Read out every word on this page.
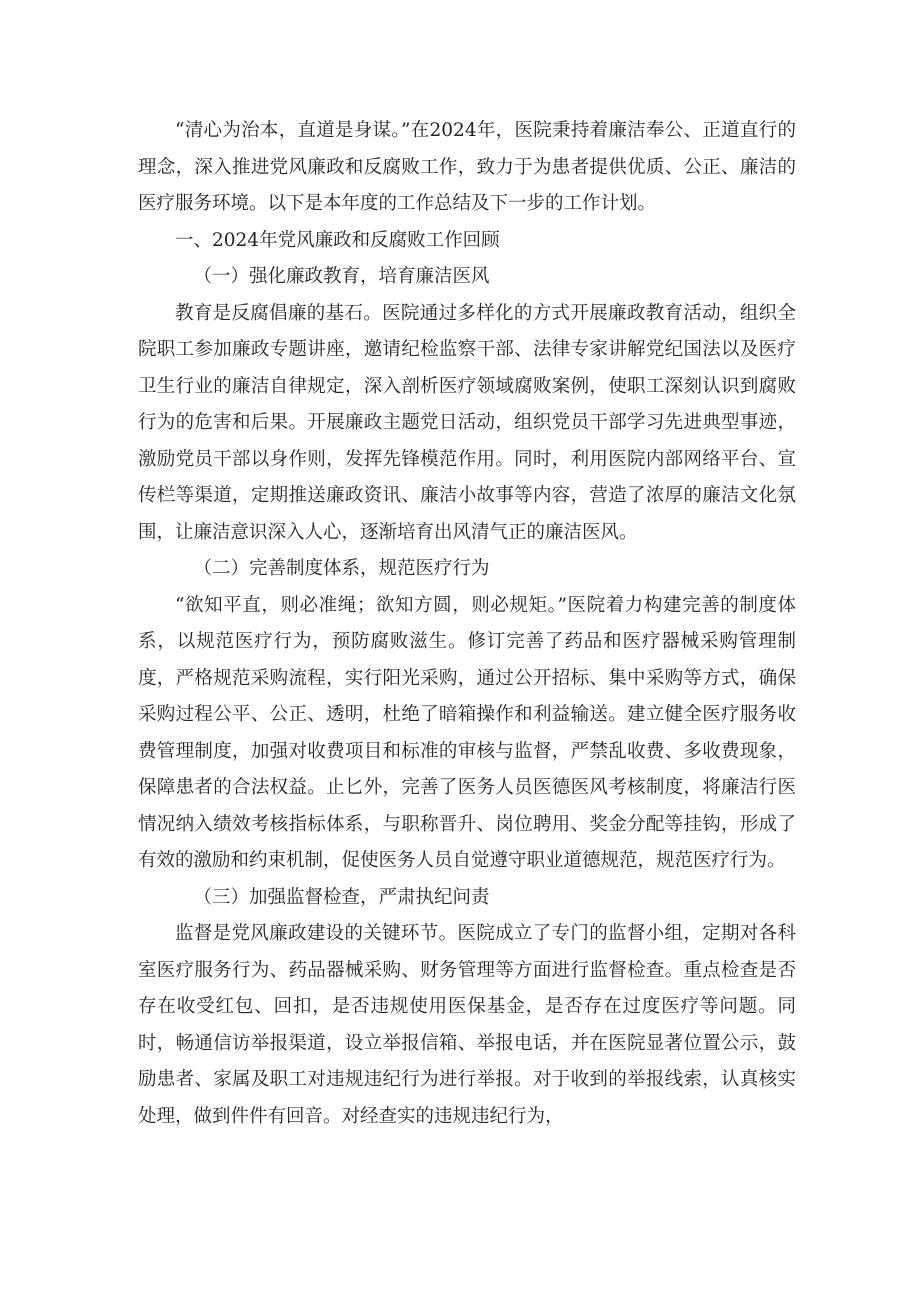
“清心为治本，直道是身谋。”在2024年，医院秉持着廉洁奉公、正道直行的理念，深入推进党风廉政和反腐败工作，致力于为患者提供优质、公正、廉洁的医疗服务环境。以下是本年度的工作总结及下一步的工作计划。

一、2024年党风廉政和反腐败工作回顾

（一）强化廉政教育，培育廉洁医风

教育是反腐倡廉的基石。医院通过多样化的方式开展廉政教育活动，组织全院职工参加廉政专题讲座，邀请纪检监察干部、法律专家讲解党纪国法以及医疗卫生行业的廉洁自律规定，深入剖析医疗领域腐败案例，使职工深刻认识到腐败行为的危害和后果。开展廉政主题党日活动，组织党员干部学习先进典型事迹，激励党员干部以身作则，发挥先锋模范作用。同时，利用医院内部网络平台、宣传栏等渠道，定期推送廉政资讯、廉洁小故事等内容，营造了浓厚的廉洁文化氛围，让廉洁意识深入人心，逐渐培育出风清气正的廉洁医风。

（二）完善制度体系，规范医疗行为

“欲知平直，则必准绳；欲知方圆，则必规矩。”医院着力构建完善的制度体系，以规范医疗行为，预防腐败滋生。修订完善了药品和医疗器械采购管理制度，严格规范采购流程，实行阳光采购，通过公开招标、集中采购等方式，确保采购过程公平、公正、透明，杜绝了暗箱操作和利益输送。建立健全医疗服务收费管理制度，加强对收费项目和标准的审核与监督，严禁乱收费、多收费现象，保障患者的合法权益。止匕外，完善了医务人员医德医风考核制度，将廉洁行医情况纳入绩效考核指标体系，与职称晋升、岗位聘用、奖金分配等挂钩，形成了有效的激励和约束机制，促使医务人员自觉遵守职业道德规范，规范医疗行为。

（三）加强监督检查，严肃执纪问责

监督是党风廉政建设的关键环节。医院成立了专门的监督小组，定期对各科室医疗服务行为、药品器械采购、财务管理等方面进行监督检查。重点检查是否存在收受红包、回扣，是否违规使用医保基金，是否存在过度医疗等问题。同时，畅通信访举报渠道，设立举报信箱、举报电话，并在医院显著位置公示，鼓励患者、家属及职工对违规违纪行为进行举报。对于收到的举报线索，认真核实处理，做到件件有回音。对经查实的违规违纪行为，
